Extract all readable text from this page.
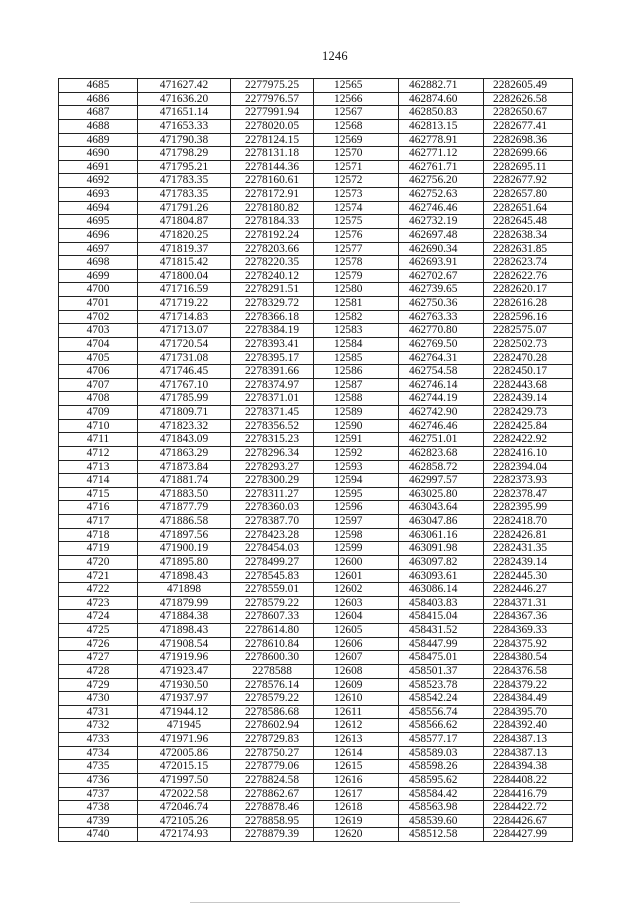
1246
4685	471627.42	2277975.25	12565	462882.71	2282605.49
4686	471636.20	2277976.57	12566	462874.60	2282626.58
4687	471651.14	2277991.94	12567	462850.83	2282650.67
4688	471653.33	2278020.05	12568	462813.15	2282677.41
4689	471790.38	2278124.15	12569	462778.91	2282698.36
4690	471798.29	2278131.18	12570	462771.12	2282699.66
4691	471795.21	2278144.36	12571	462761.71	2282695.11
4692	471783.35	2278160.61	12572	462756.20	2282677.92
4693	471783.35	2278172.91	12573	462752.63	2282657.80
4694	471791.26	2278180.82	12574	462746.46	2282651.64
4695	471804.87	2278184.33	12575	462732.19	2282645.48
4696	471820.25	2278192.24	12576	462697.48	2282638.34
4697	471819.37	2278203.66	12577	462690.34	2282631.85
4698	471815.42	2278220.35	12578	462693.91	2282623.74
4699	471800.04	2278240.12	12579	462702.67	2282622.76
4700	471716.59	2278291.51	12580	462739.65	2282620.17
4701	471719.22	2278329.72	12581	462750.36	2282616.28
4702	471714.83	2278366.18	12582	462763.33	2282596.16
4703	471713.07	2278384.19	12583	462770.80	2282575.07
4704	471720.54	2278393.41	12584	462769.50	2282502.73
4705	471731.08	2278395.17	12585	462764.31	2282470.28
4706	471746.45	2278391.66	12586	462754.58	2282450.17
4707	471767.10	2278374.97	12587	462746.14	2282443.68
4708	471785.99	2278371.01	12588	462744.19	2282439.14
4709	471809.71	2278371.45	12589	462742.90	2282429.73
4710	471823.32	2278356.52	12590	462746.46	2282425.84
4711	471843.09	2278315.23	12591	462751.01	2282422.92
4712	471863.29	2278296.34	12592	462823.68	2282416.10
4713	471873.84	2278293.27	12593	462858.72	2282394.04
4714	471881.74	2278300.29	12594	462997.57	2282373.93
4715	471883.50	2278311.27	12595	463025.80	2282378.47
4716	471877.79	2278360.03	12596	463043.64	2282395.99
4717	471886.58	2278387.70	12597	463047.86	2282418.70
4718	471897.56	2278423.28	12598	463061.16	2282426.81
4719	471900.19	2278454.03	12599	463091.98	2282431.35
4720	471895.80	2278499.27	12600	463097.82	2282439.14
4721	471898.43	2278545.83	12601	463093.61	2282445.30
4722	471898	2278559.01	12602	463086.14	2282446.27
4723	471879.99	2278579.22	12603	458403.83	2284371.31
4724	471884.38	2278607.33	12604	458415.04	2284367.36
4725	471898.43	2278614.80	12605	458431.52	2284369.33
4726	471908.54	2278610.84	12606	458447.99	2284375.92
4727	471919.96	2278600.30	12607	458475.01	2284380.54
4728	471923.47	2278588	12608	458501.37	2284376.58
4729	471930.50	2278576.14	12609	458523.78	2284379.22
4730	471937.97	2278579.22	12610	458542.24	2284384.49
4731	471944.12	2278586.68	12611	458556.74	2284395.70
4732	471945	2278602.94	12612	458566.62	2284392.40
4733	471971.96	2278729.83	12613	458577.17	2284387.13
4734	472005.86	2278750.27	12614	458589.03	2284387.13
4735	472015.15	2278779.06	12615	458598.26	2284394.38
4736	471997.50	2278824.58	12616	458595.62	2284408.22
4737	472022.58	2278862.67	12617	458584.42	2284416.79
4738	472046.74	2278878.46	12618	458563.98	2284422.72
4739	472105.26	2278858.95	12619	458539.60	2284426.67
4740	472174.93	2278879.39	12620	458512.58	2284427.99
